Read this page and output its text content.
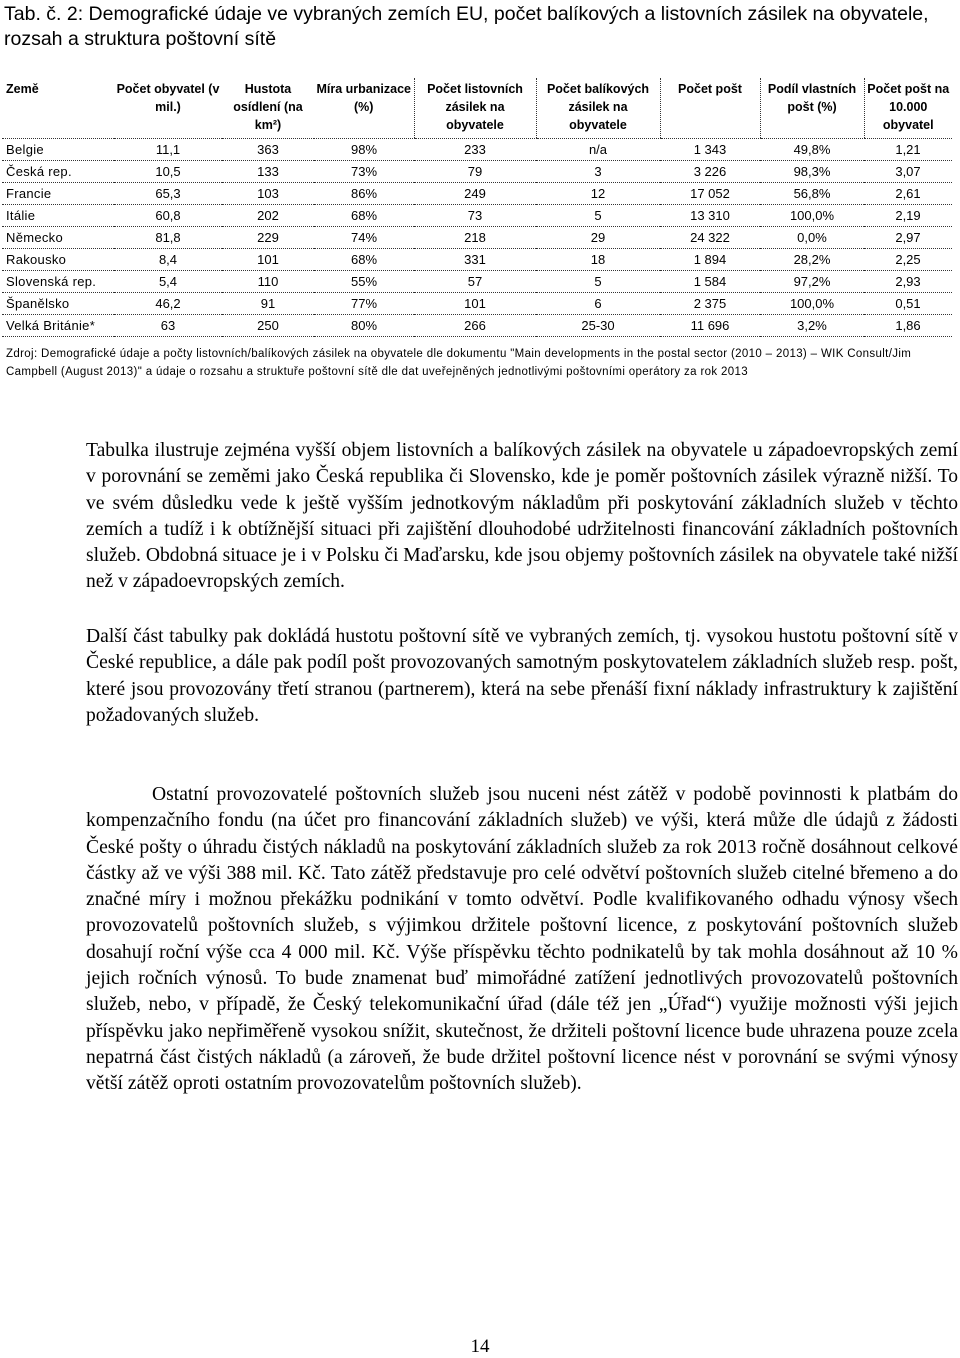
Tab. č. 2: Demografické údaje ve vybraných zemích EU, počet balíkových a listovních zásilek na obyvatele, rozsah a struktura poštovní sítě
Země	Počet obyvatel (v mil.)	Hustota osídlení (na km²)	Míra urbanizace (%)	Počet listovních zásilek na obyvatele	Počet balíkových zásilek na obyvatele	Počet pošt	Podíl vlastních pošt (%)	Počet pošt na 10.000 obyvatel
Belgie	11,1	363	98%	233	n/a	1 343	49,8%	1,21
Česká rep.	10,5	133	73%	79	3	3 226	98,3%	3,07
Francie	65,3	103	86%	249	12	17 052	56,8%	2,61
Itálie	60,8	202	68%	73	5	13 310	100,0%	2,19
Německo	81,8	229	74%	218	29	24 322	0,0%	2,97
Rakousko	8,4	101	68%	331	18	1 894	28,2%	2,25
Slovenská rep.	5,4	110	55%	57	5	1 584	97,2%	2,93
Španělsko	46,2	91	77%	101	6	2 375	100,0%	0,51
Velká Británie*	63	250	80%	266	25-30	11 696	3,2%	1,86
Zdroj: Demografické údaje a počty listovních/balíkových zásilek na obyvatele dle dokumentu "Main developments in the postal sector (2010 – 2013) – WIK Consult/Jim Campbell (August 2013)" a údaje o rozsahu a struktuře poštovní sítě dle dat uveřejněných jednotlivými poštovními operátory za rok 2013

Tabulka ilustruje zejména vyšší objem listovních a balíkových zásilek na obyvatele u západoevropských zemí v porovnání se zeměmi jako Česká republika či Slovensko, kde je poměr poštovních zásilek výrazně nižší. To ve svém důsledku vede k ještě vyšším jednotkovým nákladům při poskytování základních služeb v těchto zemích a tudíž i k obtížnější situaci při zajištění dlouhodobé udržitelnosti financování základních poštovních služeb. Obdobná situace je i v Polsku či Maďarsku, kde jsou objemy poštovních zásilek na obyvatele také nižší než v západoevropských zemích.

Další část tabulky pak dokládá hustotu poštovní sítě ve vybraných zemích, tj. vysokou hustotu poštovní sítě v České republice, a dále pak podíl pošt provozovaných samotným poskytovatelem základních služeb resp. pošt, které jsou provozovány třetí stranou (partnerem), která na sebe přenáší fixní náklady infrastruktury k zajištění požadovaných služeb.

Ostatní provozovatelé poštovních služeb jsou nuceni nést zátěž v podobě povinnosti k platbám do kompenzačního fondu (na účet pro financování základních služeb) ve výši, která může dle údajů z žádosti České pošty o úhradu čistých nákladů na poskytování základních služeb za rok 2013 ročně dosáhnout celkové částky až ve výši 388 mil. Kč. Tato zátěž představuje pro celé odvětví poštovních služeb citelné břemeno a do značné míry i možnou překážku podnikání v tomto odvětví. Podle kvalifikovaného odhadu výnosy všech provozovatelů poštovních služeb, s výjimkou držitele poštovní licence, z poskytování poštovních služeb dosahují roční výše cca 4 000 mil. Kč. Výše příspěvku těchto podnikatelů by tak mohla dosáhnout až 10 % jejich ročních výnosů. To bude znamenat buď mimořádné zatížení jednotlivých provozovatelů poštovních služeb, nebo, v případě, že Český telekomunikační úřad (dále též jen „Úřad“) využije možnosti výši jejich příspěvku jako nepřiměřeně vysokou snížit, skutečnost, že držiteli poštovní licence bude uhrazena pouze zcela nepatrná část čistých nákladů (a zároveň, že bude držitel poštovní licence nést v porovnání se svými výnosy větší zátěž oproti ostatním provozovatelům poštovních služeb).

14
